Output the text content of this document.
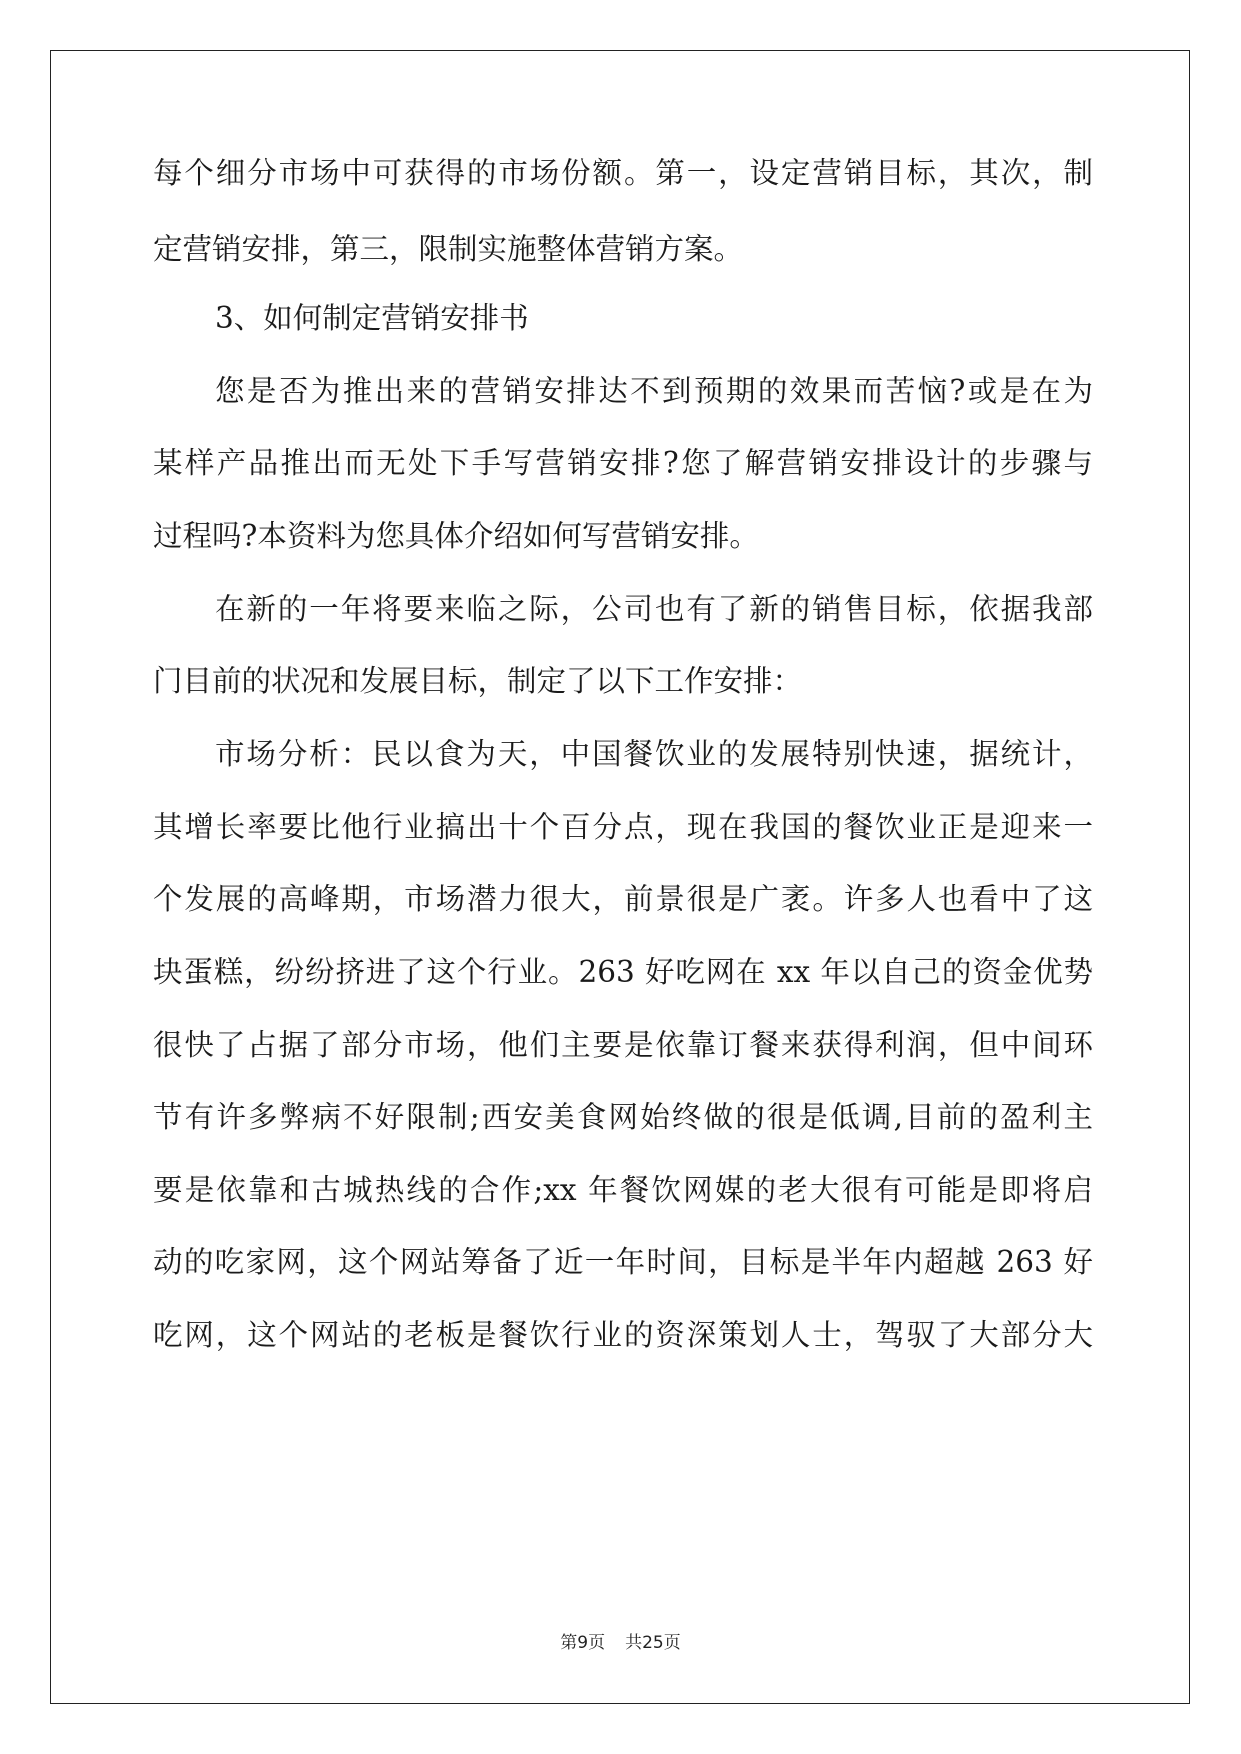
每个细分市场中可获得的市场份额。第一，设定营销目标，其次，制
定营销安排，第三，限制实施整体营销方案。
3、如何制定营销安排书
您是否为推出来的营销安排达不到预期的效果而苦恼?或是在为
某样产品推出而无处下手写营销安排?您了解营销安排设计的步骤与
过程吗?本资料为您具体介绍如何写营销安排。
在新的一年将要来临之际，公司也有了新的销售目标，依据我部
门目前的状况和发展目标，制定了以下工作安排：
市场分析：民以食为天，中国餐饮业的发展特别快速，据统计，
其增长率要比他行业搞出十个百分点，现在我国的餐饮业正是迎来一
个发展的高峰期，市场潜力很大，前景很是广袤。许多人也看中了这
块蛋糕，纷纷挤进了这个行业。263 好吃网在 xx 年以自己的资金优势
很快了占据了部分市场，他们主要是依靠订餐来获得利润，但中间环
节有许多弊病不好限制;西安美食网始终做的很是低调,目前的盈利主
要是依靠和古城热线的合作;xx 年餐饮网媒的老大很有可能是即将启
动的吃家网，这个网站筹备了近一年时间，目标是半年内超越 263 好
吃网，这个网站的老板是餐饮行业的资深策划人士，驾驭了大部分大
第9页 共25页
